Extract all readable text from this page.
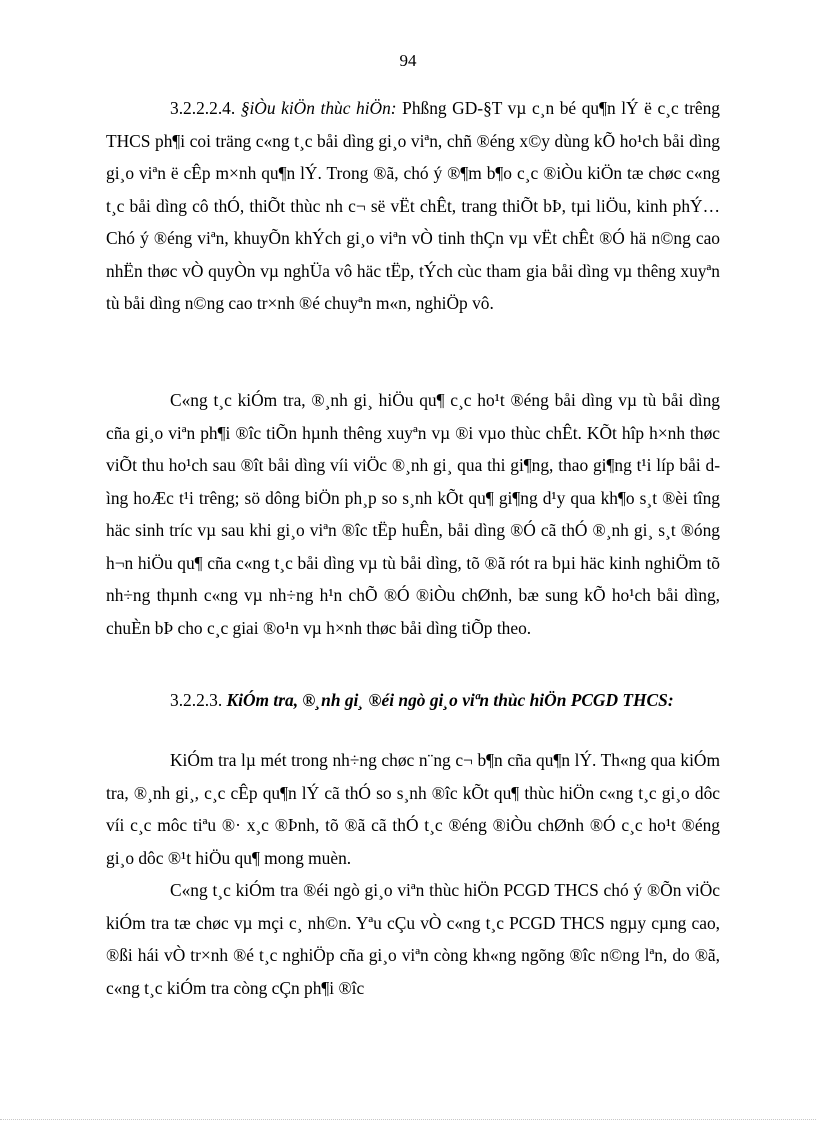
94

3.2.2.2.4. §iÒu kiÖn thùc hiÖn: Phßng GD-§T vµ c¸n bé qu¶n lÝ ë c¸c trêng THCS ph¶i coi träng c«ng t¸c båi dìng gi¸o viªn, chñ ®éng x©y dùng kÕ ho¹ch båi dìng gi¸o viªn ë cÊp m×nh qu¶n lÝ. Trong ®ã, chó ý ®¶m b¶o c¸c ®iÒu kiÖn tæ chøc c«ng t¸c båi dìng cô thÓ, thiÕt thùc nh c¬ së vËt chÊt, trang thiÕt bÞ, tµi liÖu, kinh phÝ… Chó ý ®éng viªn, khuyÕn khÝch gi¸o viªn vÒ tinh thÇn vµ vËt chÊt ®Ó hä n©ng cao nhËn thøc vÒ quyÒn vµ nghÜa vô häc tËp, tÝch cùc tham gia båi dìng vµ thêng xuyªn tù båi dìng n©ng cao tr×nh ®é chuyªn m«n, nghiÖp vô.

C«ng t¸c kiÓm tra, ®¸nh gi¸ hiÖu qu¶ c¸c ho¹t ®éng båi dìng vµ tù båi dìng cña gi¸o viªn ph¶i ®îc tiÕn hµnh thêng xuyªn vµ ®i vµo thùc chÊt. KÕt hîp h×nh thøc viÕt thu ho¹ch sau ®ît båi dìng víi viÖc ®¸nh gi¸ qua thi gi¶ng, thao gi¶ng t¹i líp båi dìng hoÆc t¹i trêng; sö dông biÖn ph¸p so s¸nh kÕt qu¶ gi¶ng d¹y qua kh¶o s¸t ®èi tîng häc sinh tríc vµ sau khi gi¸o viªn ®îc tËp huÊn, båi dìng ®Ó cã thÓ ®¸nh gi¸ s¸t ®óng h¬n hiÖu qu¶ cña c«ng t¸c båi dìng vµ tù båi dìng, tõ ®ã rót ra bµi häc kinh nghiÖm tõ nh÷ng thµnh c«ng vµ nh÷ng h¹n chÕ ®Ó ®iÒu chØnh, bæ sung kÕ ho¹ch båi dìng, chuÈn bÞ cho c¸c giai ®o¹n vµ h×nh thøc båi dìng tiÕp theo.

3.2.2.3. KiÓm tra, ®¸nh gi¸ ®éi ngò gi¸o viªn thùc hiÖn PCGD THCS:

KiÓm tra lµ mét trong nh÷ng chøc n¨ng c¬ b¶n cña qu¶n lÝ. Th«ng qua kiÓm tra, ®¸nh gi¸, c¸c cÊp qu¶n lÝ cã thÓ so s¸nh ®îc kÕt qu¶ thùc hiÖn c«ng t¸c gi¸o dôc víi c¸c môc tiªu ®· x¸c ®Þnh, tõ ®ã cã thÓ t¸c ®éng ®iÒu chØnh ®Ó c¸c ho¹t ®éng gi¸o dôc ®¹t hiÖu qu¶ mong muèn.

C«ng t¸c kiÓm tra ®éi ngò gi¸o viªn thùc hiÖn PCGD THCS chó ý ®Õn viÖc kiÓm tra tæ chøc vµ mçi c¸ nh©n. Yªu cÇu vÒ c«ng t¸c PCGD THCS ngµy cµng cao, ®ßi hái vÒ tr×nh ®é t¸c nghiÖp cña gi¸o viªn còng kh«ng ngõng ®îc n©ng lªn, do ®ã, c«ng t¸c kiÓm tra còng cÇn ph¶i ®îc
